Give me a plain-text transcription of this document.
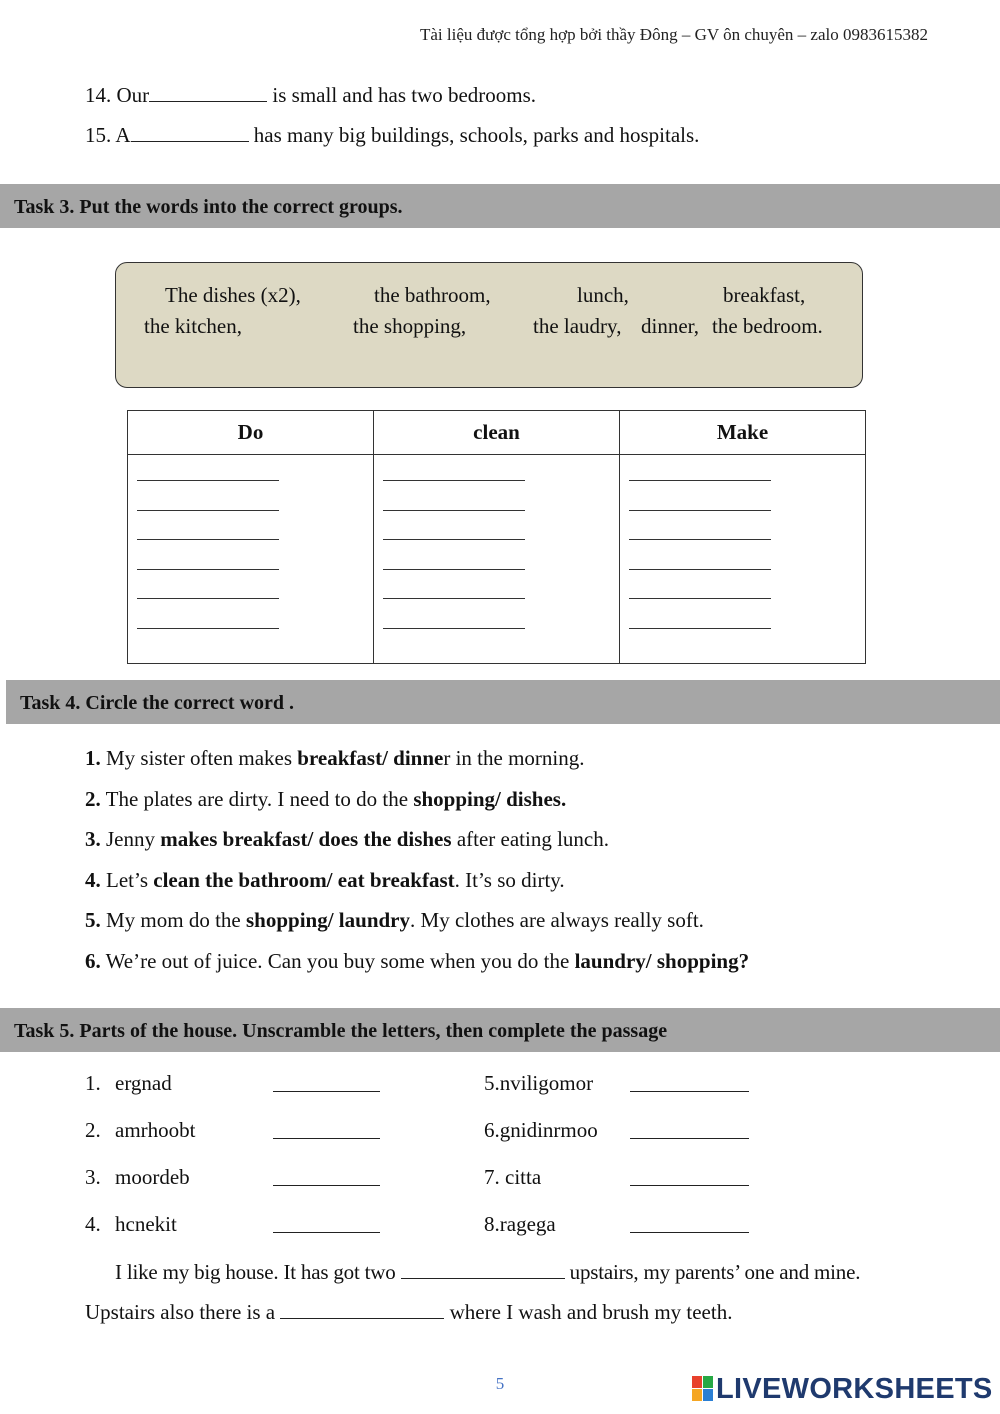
Tài liệu được tổng hợp bởi thầy Đông – GV ôn chuyên – zalo 0983615382
14. Our	is small and has two bedrooms.
15. A	has many big buildings, schools, parks and hospitals.
Task 3. Put the words into the correct groups.
The dishes (x2),	the bathroom,	lunch,	breakfast,
the kitchen,	the shopping,	the laudry, dinner, the bedroom.
Do	clean	Make

Task 4. Circle the correct word .
1. My sister often makes breakfast/ dinner in the morning.
2. The plates are dirty. I need to do the shopping/ dishes.
3. Jenny makes breakfast/ does the dishes after eating lunch.
4. Let’s clean the bathroom/ eat breakfast. It’s so dirty.
5. My mom do the shopping/ laundry. My clothes are always really soft.
6. We’re out of juice. Can you buy some when you do the laundry/ shopping?
Task 5. Parts of the house. Unscramble the letters, then complete the passage
1. ergnad
2. amrhoobt
3. moordeb
4. hcnekit
5.nviligomor
6.gnidinrmoo
7. citta
8.ragega
I like my big house. It has got two	upstairs, my parents’ one and mine.
Upstairs also there is a	where I wash and brush my teeth.
5	LIVEWORKSHEETS
